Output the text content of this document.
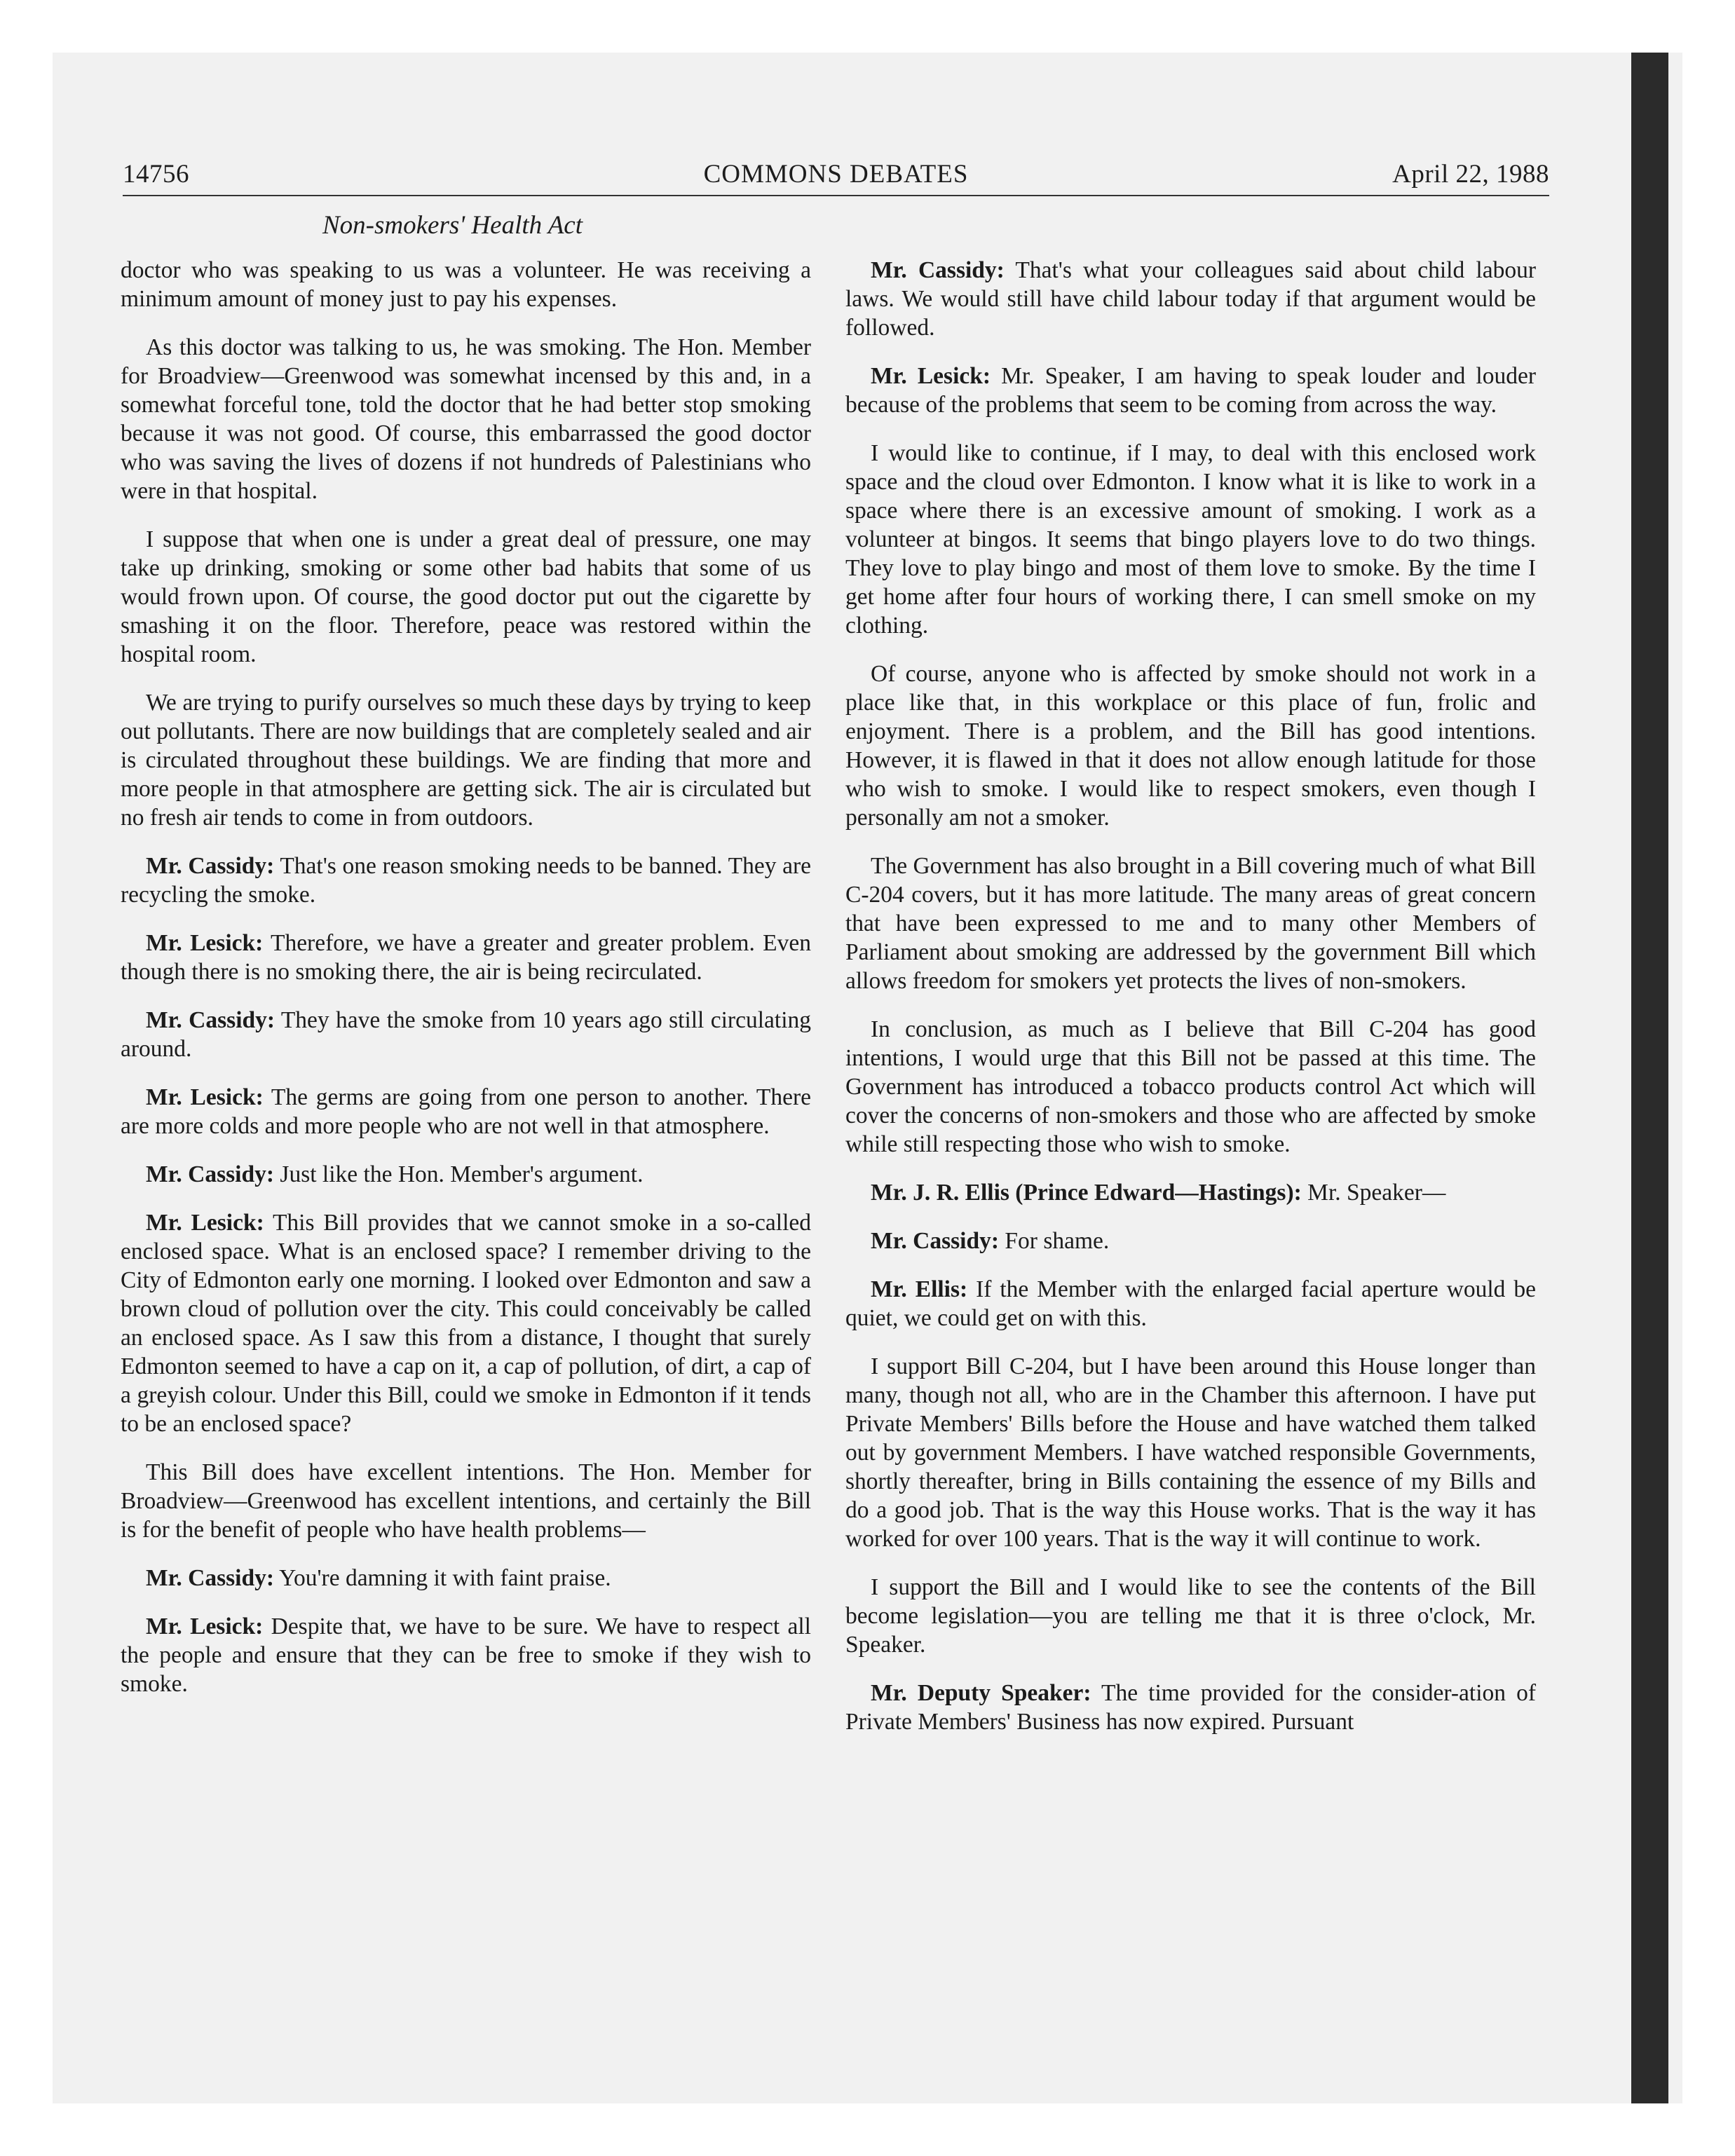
14756	COMMONS DEBATES	April 22, 1988
Non-smokers' Health Act

doctor who was speaking to us was a volunteer. He was receiving a minimum amount of money just to pay his expenses.

As this doctor was talking to us, he was smoking. The Hon. Member for Broadview—Greenwood was somewhat incensed by this and, in a somewhat forceful tone, told the doctor that he had better stop smoking because it was not good. Of course, this embarrassed the good doctor who was saving the lives of dozens if not hundreds of Palestinians who were in that hospital.

I suppose that when one is under a great deal of pressure, one may take up drinking, smoking or some other bad habits that some of us would frown upon. Of course, the good doctor put out the cigarette by smashing it on the floor. Therefore, peace was restored within the hospital room.

We are trying to purify ourselves so much these days by trying to keep out pollutants. There are now buildings that are completely sealed and air is circulated throughout these buildings. We are finding that more and more people in that atmosphere are getting sick. The air is circulated but no fresh air tends to come in from outdoors.

Mr. Cassidy: That's one reason smoking needs to be banned. They are recycling the smoke.

Mr. Lesick: Therefore, we have a greater and greater problem. Even though there is no smoking there, the air is being recirculated.

Mr. Cassidy: They have the smoke from 10 years ago still circulating around.

Mr. Lesick: The germs are going from one person to another. There are more colds and more people who are not well in that atmosphere.

Mr. Cassidy: Just like the Hon. Member's argument.

Mr. Lesick: This Bill provides that we cannot smoke in a so-called enclosed space. What is an enclosed space? I remember driving to the City of Edmonton early one morning. I looked over Edmonton and saw a brown cloud of pollution over the city. This could conceivably be called an enclosed space. As I saw this from a distance, I thought that surely Edmonton seemed to have a cap on it, a cap of pollution, of dirt, a cap of a greyish colour. Under this Bill, could we smoke in Edmonton if it tends to be an enclosed space?

This Bill does have excellent intentions. The Hon. Member for Broadview—Greenwood has excellent intentions, and certainly the Bill is for the benefit of people who have health problems—

Mr. Cassidy: You're damning it with faint praise.

Mr. Lesick: Despite that, we have to be sure. We have to respect all the people and ensure that they can be free to smoke if they wish to smoke.

Mr. Cassidy: That's what your colleagues said about child labour laws. We would still have child labour today if that argument would be followed.

Mr. Lesick: Mr. Speaker, I am having to speak louder and louder because of the problems that seem to be coming from across the way.

I would like to continue, if I may, to deal with this enclosed work space and the cloud over Edmonton. I know what it is like to work in a space where there is an excessive amount of smoking. I work as a volunteer at bingos. It seems that bingo players love to do two things. They love to play bingo and most of them love to smoke. By the time I get home after four hours of working there, I can smell smoke on my clothing.

Of course, anyone who is affected by smoke should not work in a place like that, in this workplace or this place of fun, frolic and enjoyment. There is a problem, and the Bill has good intentions. However, it is flawed in that it does not allow enough latitude for those who wish to smoke. I would like to respect smokers, even though I personally am not a smoker.

The Government has also brought in a Bill covering much of what Bill C-204 covers, but it has more latitude. The many areas of great concern that have been expressed to me and to many other Members of Parliament about smoking are addressed by the government Bill which allows freedom for smokers yet protects the lives of non-smokers.

In conclusion, as much as I believe that Bill C-204 has good intentions, I would urge that this Bill not be passed at this time. The Government has introduced a tobacco products control Act which will cover the concerns of non-smokers and those who are affected by smoke while still respecting those who wish to smoke.

Mr. J. R. Ellis (Prince Edward—Hastings): Mr. Speaker—

Mr. Cassidy: For shame.

Mr. Ellis: If the Member with the enlarged facial aperture would be quiet, we could get on with this.

I support Bill C-204, but I have been around this House longer than many, though not all, who are in the Chamber this afternoon. I have put Private Members' Bills before the House and have watched them talked out by government Members. I have watched responsible Governments, shortly thereafter, bring in Bills containing the essence of my Bills and do a good job. That is the way this House works. That is the way it has worked for over 100 years. That is the way it will continue to work.

I support the Bill and I would like to see the contents of the Bill become legislation—you are telling me that it is three o'clock, Mr. Speaker.

Mr. Deputy Speaker: The time provided for the consider-ation of Private Members' Business has now expired. Pursuant
